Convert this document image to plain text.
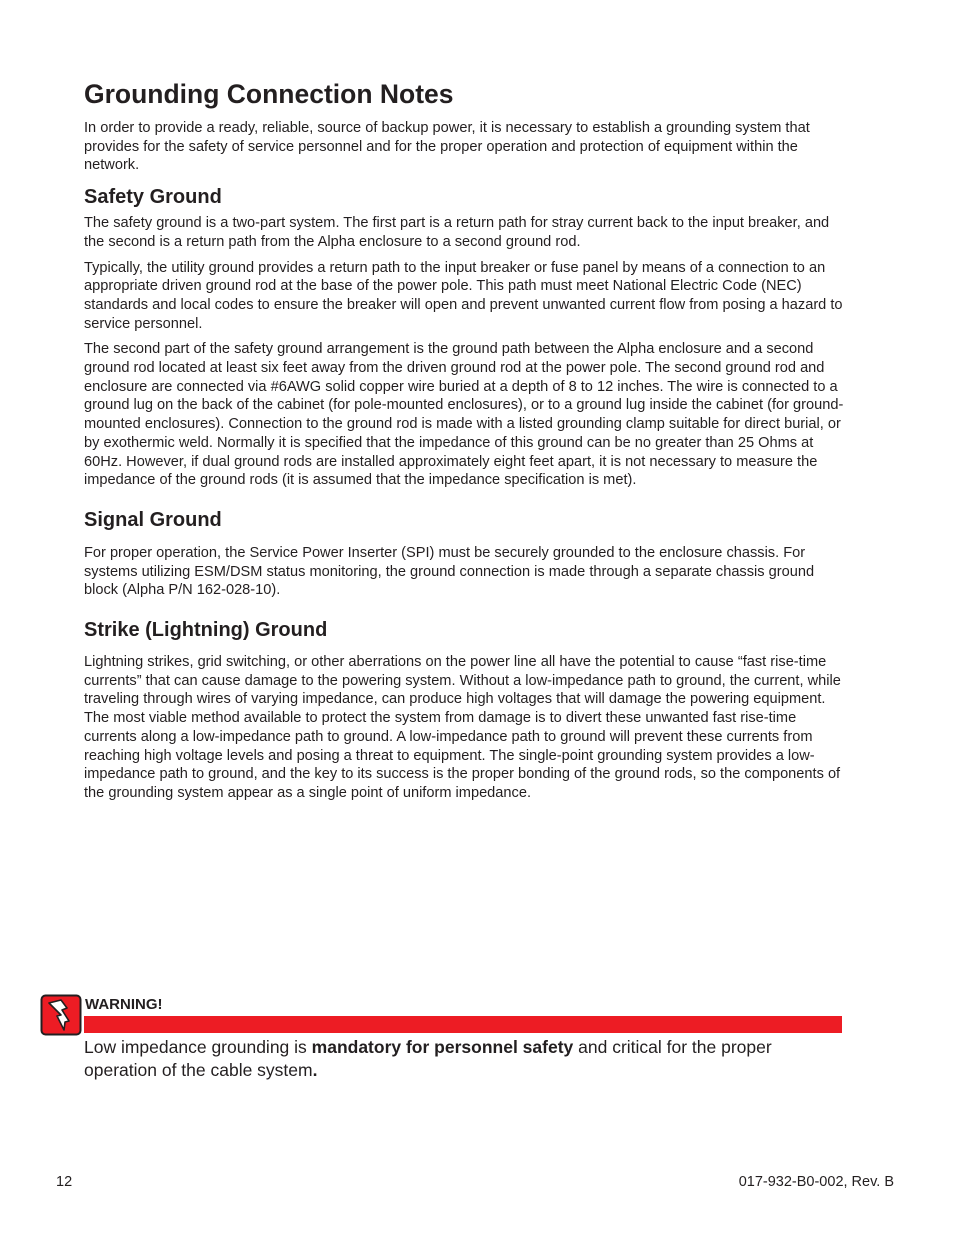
Grounding Connection Notes

In order to provide a ready, reliable, source of backup power, it is necessary to establish a grounding system that provides for the safety of service personnel and for the proper operation and protection of equipment within the network.

Safety Ground

The safety ground is a two-part system. The first part is a return path for stray current back to the input breaker, and the second is a return path from the Alpha enclosure to a second ground rod.

Typically, the utility ground provides a return path to the input breaker or fuse panel by means of a connection to an appropriate driven ground rod at the base of the power pole. This path must meet National Electric Code (NEC) standards and local codes to ensure the breaker will open and prevent unwanted current flow from posing a hazard to service personnel.

The second part of the safety ground arrangement is the ground path between the Alpha enclosure and a second ground rod located at least six feet away from the driven ground rod at the power pole. The second ground rod and enclosure are connected via #6AWG solid copper wire buried at a depth of 8 to 12 inches. The wire is connected to a ground lug on the back of the cabinet (for pole-mounted enclosures), or to a ground lug inside the cabinet (for ground-mounted enclosures). Connection to the ground rod is made with a listed grounding clamp suitable for direct burial, or by exothermic weld. Normally it is specified that the impedance of this ground can be no greater than 25 Ohms at 60Hz. However, if dual ground rods are installed approximately eight feet apart, it is not necessary to measure the impedance of the ground rods (it is assumed that the impedance specification is met).

Signal Ground

For proper operation, the Service Power Inserter (SPI) must be securely grounded to the enclosure chassis. For systems utilizing ESM/DSM status monitoring, the ground connection is made through a separate chassis ground block (Alpha P/N 162-028-10).

Strike (Lightning) Ground

Lightning strikes, grid switching, or other aberrations on the power line all have the potential to cause “fast rise-time currents” that can cause damage to the powering system. Without a low-impedance path to ground, the current, while traveling through wires of varying impedance, can produce high voltages that will damage the powering equipment. The most viable method available to protect the system from damage is to divert these unwanted fast rise-time currents along a low-impedance path to ground. A low-impedance path to ground will prevent these currents from reaching high voltage levels and posing a threat to equipment. The single-point grounding system provides a low-impedance path to ground, and the key to its success is the proper bonding of the ground rods, so the components of the grounding system appear as a single point of uniform impedance.

WARNING!
Low impedance grounding is mandatory for personnel safety and critical for the proper operation of the cable system.
12	017-932-B0-002, Rev. B
